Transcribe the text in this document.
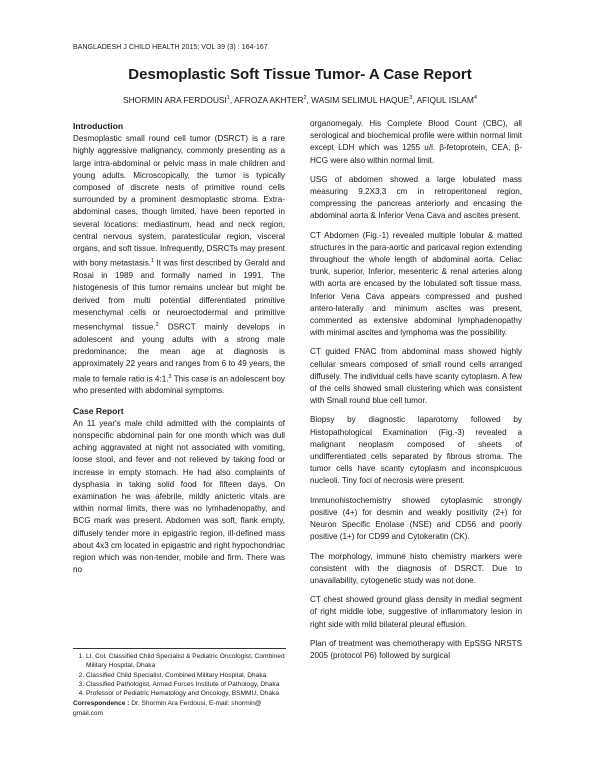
BANGLADESH J CHILD HEALTH 2015; VOL 39 (3) : 164-167
Desmoplastic Soft Tissue Tumor- A Case Report
SHORMIN ARA FERDOUSI$^1$, AFROZA AKHTER$^2$, WASIM SELIMUL HAQUE$^3$, AFIQUL ISLAM$^4$
Introduction

Desmoplastic small round cell tumor (DSRCT) is a rare highly aggressive malignancy, commonly presenting as a large intra-abdominal or pelvic mass in male children and young adults. Microscopically, the tumor is typically composed of discrete nests of primitive round cells surrounded by a prominent desmoplastic stroma. Extra-abdominal cases, though limited, have been reported in several locations: mediastinum, head and neck region, central nervous system, paratesticular region, visceral organs, and soft tissue. Infrequently, DSRCTs may present with bony metastasis.$^1$ It was first described by Gerald and Rosai in 1989 and formally named in 1991. The histogenesis of this tumor remains unclear but might be derived from multi potential differentiated primitive mesenchymal cells or neuroectodermal and primitive mesenchymal tissue.$^2$ DSRCT mainly develops in adolescent and young adults with a strong male predominance; the mean age at diagnosis is approximately 22 years and ranges from 6 to 49 years, the male to female ratio is 4:1.$^3$ This case is an adolescent boy who presented with abdominal symptoms.

Case Report

An 11 year's male child admitted with the complaints of nonspecific abdominal pain for one month which was dull aching aggravated at night not associated with vomiting, loose stool, and fever and not relieved by taking food or increase in empty stomach. He had also complaints of dysphasia in taking solid food for fifteen days. On examination he was afebrile, mildly anicteric vitals are within normal limits, there was no lymhadenopathy, and BCG mark was present. Abdomen was soft, flank empty, diffusely tender more in epigastric region, ill-defined mass about 4x3 cm located in epigastric and right hypochondriac region which was non-tender, mobile and firm. There was no

organomegaly. His Complete Blood Count (CBC), all serological and biochemical profile were within normal limit except LDH which was 1255 u/l. β-fetoprotein, CEA, β-HCG were also within normal limit.

USG of abdomen showed a large lobulated mass measuring 9.2X3.3 cm in retroperitoneal region, compressing the pancreas anteriorly and encasing the abdominal aorta & Inferior Vena Cava and ascites present.

CT Abdomen (Fig.-1) revealed multiple lobular & matted structures in the para-aortic and paricaval region extending throughout the whole length of abdominal aorta. Celiac trunk, superior, Inferior, mesenteric & renal arteries along with aorta are encased by the lobulated soft tissue mass. Inferior Vena Cava appears compressed and pushed antero-laterally and minimum ascites was present, commented as extensive abdominal lymphadenopathy with minimal ascites and lymphoma was the possibility.

CT guided FNAC from abdominal mass showed highly cellular smears composed of small round cells arranged diffusely. The individual cells have scanty cytoplasm. A few of the cells showed small clustering which was consistent with Small round blue cell tumor.

Biopsy by diagnostic laparotomy followed by Histopathological Examination (Fig.-3) revealed a malignant neoplasm composed of sheets of undifferentiated cells separated by fibrous stroma. The tumor cells have scanty cytoplasm and inconspicuous nucleoli. Tiny foci of necrosis were present.

Immunohistochemistry showed cytoplasmic strongly positive (4+) for desmin and weakly positivity (2+) for Neuron Specific Enolase (NSE) and CD56 and poorly positive (1+) for CD99 and Cytokeratin (CK).

The morphology, immune histo chemistry markers were consistent with the diagnosis of DSRCT. Due to unavailability, cytogenetic study was not done.

CT chest showed ground glass density in medial segment of right middle lobe, suggestive of inflammatory lesion in right side with mild bilateral pleural effusion.

Plan of treatment was chemotherapy with EpSSG NRSTS 2005 (protocol P6) followed by surgical

1. Lt. Col. Classified Child Specialist & Pediatric Oncologist, Combined Military Hospital, Dhaka
2. Classified Child Specialist, Combined Military Hospital, Dhaka
3. Classified Pathologist, Armed Forces Institute of Pathology, Dhaka
4. Professor of Pediatric Hematology and Oncology, BSMMU, Dhaka
Correspondence : Dr. Shormin Ara Ferdousi, E-mail: shormin@ gmail.com
